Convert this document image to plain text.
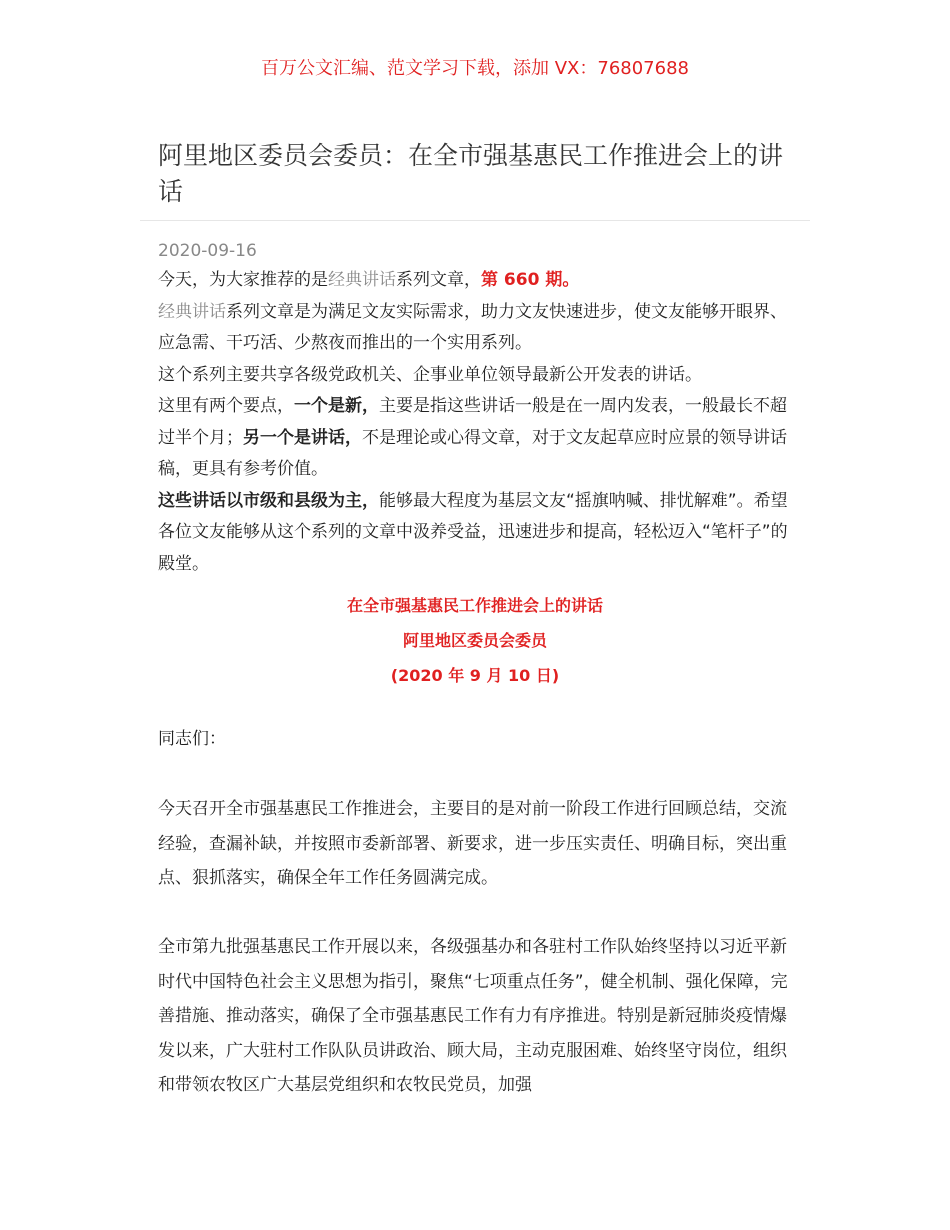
百万公文汇编、范文学习下载，添加 VX：76807688
阿里地区委员会委员：在全市强基惠民工作推进会上的讲话
2020-09-16

今天，为大家推荐的是经典讲话系列文章，第 660 期。

经典讲话系列文章是为满足文友实际需求，助力文友快速进步，使文友能够开眼界、应急需、干巧活、少熬夜而推出的一个实用系列。

这个系列主要共享各级党政机关、企事业单位领导最新公开发表的讲话。

这里有两个要点，一个是新，主要是指这些讲话一般是在一周内发表，一般最长不超过半个月；另一个是讲话，不是理论或心得文章，对于文友起草应时应景的领导讲话稿，更具有参考价值。

这些讲话以市级和县级为主，能够最大程度为基层文友“摇旗呐喊、排忧解难”。希望各位文友能够从这个系列的文章中汲养受益，迅速进步和提高，轻松迈入“笔杆子”的殿堂。

在全市强基惠民工作推进会上的讲话
阿里地区委员会委员
(2020 年 9 月 10 日)

同志们：

今天召开全市强基惠民工作推进会，主要目的是对前一阶段工作进行回顾总结，交流经验，查漏补缺，并按照市委新部署、新要求，进一步压实责任、明确目标，突出重点、狠抓落实，确保全年工作任务圆满完成。

全市第九批强基惠民工作开展以来，各级强基办和各驻村工作队始终坚持以习近平新时代中国特色社会主义思想为指引，聚焦“七项重点任务”，健全机制、强化保障，完善措施、推动落实，确保了全市强基惠民工作有力有序推进。特别是新冠肺炎疫情爆发以来，广大驻村工作队队员讲政治、顾大局，主动克服困难、始终坚守岗位，组织和带领农牧区广大基层党组织和农牧民党员，加强
